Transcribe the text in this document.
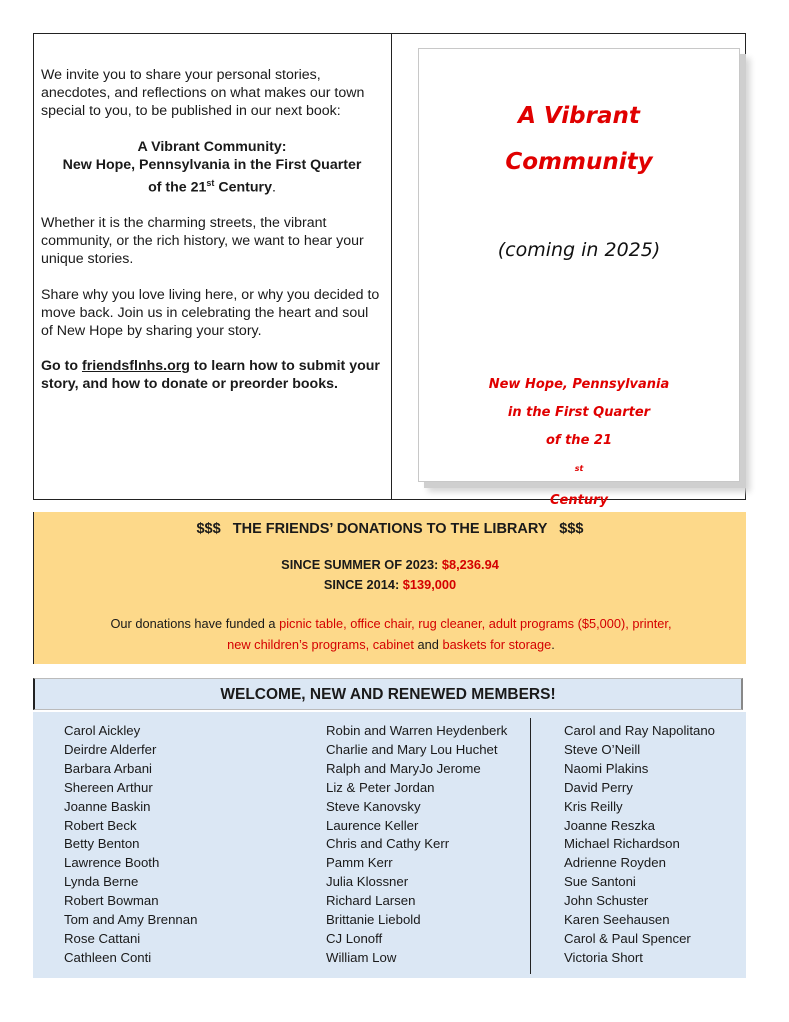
We invite you to share your personal stories, anecdotes, and reflections on what makes our town special to you, to be published in our next book:

A Vibrant Community:
New Hope, Pennsylvania in the First Quarter
of the 21st Century.

Whether it is the charming streets, the vibrant community, or the rich history, we want to hear your unique stories.

Share why you love living here, or why you decided to move back. Join us in celebrating the heart and soul of New Hope by sharing your story.

Go to friendsflnhs.org to learn how to submit your story, and how to donate or preorder books.

A Vibrant
Community
(coming in 2025)
New Hope, Pennsylvania
in the First Quarter
of the 21
$^{st}$
Century
$$$   THE FRIENDS’ DONATIONS TO THE LIBRARY   $$$
SINCE SUMMER OF 2023: $8,236.94
SINCE 2014: $139,000
Our donations have funded a picnic table, office chair, rug cleaner, adult programs ($5,000), printer,
new children’s programs, cabinet and baskets for storage.
WELCOME, NEW AND RENEWED MEMBERS!
Carol Aickley
Deirdre Alderfer
Barbara Arbani
Shereen Arthur
Joanne Baskin
Robert Beck
Betty Benton
Lawrence Booth
Lynda Berne
Robert Bowman
Tom and Amy Brennan
Rose Cattani
Cathleen Conti
Robin and Warren Heydenberk
Charlie and Mary Lou Huchet
Ralph and MaryJo Jerome
Liz & Peter Jordan
Steve Kanovsky
Laurence Keller
Chris and Cathy Kerr
Pamm Kerr
Julia Klossner
Richard Larsen
Brittanie Liebold
CJ Lonoff
William Low
Carol and Ray Napolitano
Steve O’Neill
Naomi Plakins
David Perry
Kris Reilly
Joanne Reszka
Michael Richardson
Adrienne Royden
Sue Santoni
John Schuster
Karen Seehausen
Carol & Paul Spencer
Victoria Short
